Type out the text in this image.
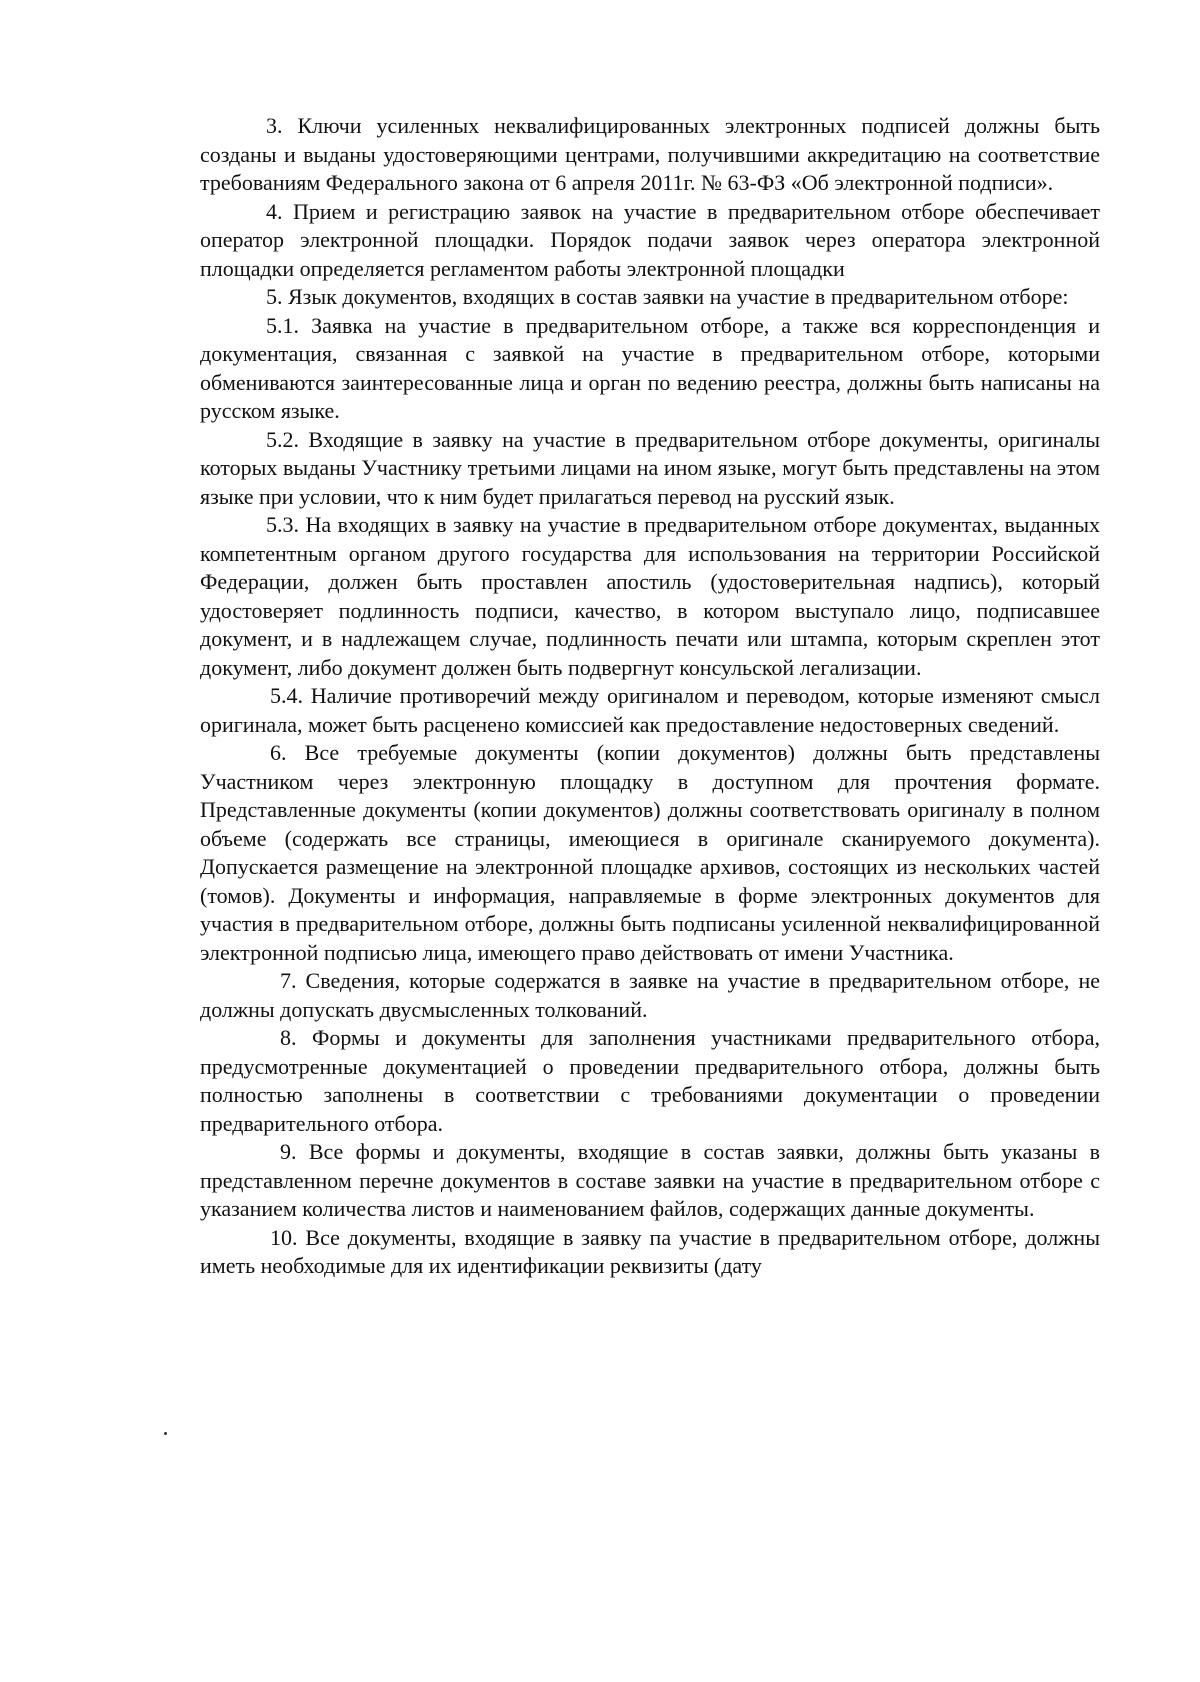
3. Ключи усиленных неквалифицированных электронных подписей должны быть созданы и выданы удостоверяющими центрами, получившими аккредитацию на соответствие требованиям Федерального закона от 6 апреля 2011г. № 63-ФЗ «Об электронной подписи».

4. Прием и регистрацию заявок на участие в предварительном отборе обеспечивает оператор электронной площадки. Порядок подачи заявок через оператора электронной площадки определяется регламентом работы электронной площадки

5. Язык документов, входящих в состав заявки на участие в предварительном отборе:

5.1. Заявка на участие в предварительном отборе, а также вся корреспонденция и документация, связанная с заявкой на участие в предварительном отборе, которыми обмениваются заинтересованные лица и орган по ведению реестра, должны быть написаны на русском языке.

5.2. Входящие в заявку на участие в предварительном отборе документы, оригиналы которых выданы Участнику третьими лицами на ином языке, могут быть представлены на этом языке при условии, что к ним будет прилагаться перевод на русский язык.

5.3. На входящих в заявку на участие в предварительном отборе документах, выданных компетентным органом другого государства для использования на территории Российской Федерации, должен быть проставлен апостиль (удостоверительная надпись), который удостоверяет подлинность подписи, качество, в котором выступало лицо, подписавшее документ, и в надлежащем случае, подлинность печати или штампа, которым скреплен этот документ, либо документ должен быть подвергнут консульской легализации.

5.4. Наличие противоречий между оригиналом и переводом, которые изменяют смысл оригинала, может быть расценено комиссией как предоставление недостоверных сведений.

6. Все требуемые документы (копии документов) должны быть представлены Участником через электронную площадку в доступном для прочтения формате. Представленные документы (копии документов) должны соответствовать оригиналу в полном объеме (содержать все страницы, имеющиеся в оригинале сканируемого документа). Допускается размещение на электронной площадке архивов, состоящих из нескольких частей (томов). Документы и информация, направляемые в форме электронных документов для участия в предварительном отборе, должны быть подписаны усиленной неквалифицированной электронной подписью лица, имеющего право действовать от имени Участника.

7. Сведения, которые содержатся в заявке на участие в предварительном отборе, не должны допускать двусмысленных толкований.

8. Формы и документы для заполнения участниками предварительного отбора, предусмотренные документацией о проведении предварительного отбора, должны быть полностью заполнены в соответствии с требованиями документации о проведении предварительного отбора.

9. Все формы и документы, входящие в состав заявки, должны быть указаны в представленном перечне документов в составе заявки на участие в предварительном отборе с указанием количества листов и наименованием файлов, содержащих данные документы.

10. Все документы, входящие в заявку па участие в предварительном отборе, должны иметь необходимые для их идентификации реквизиты (дату
